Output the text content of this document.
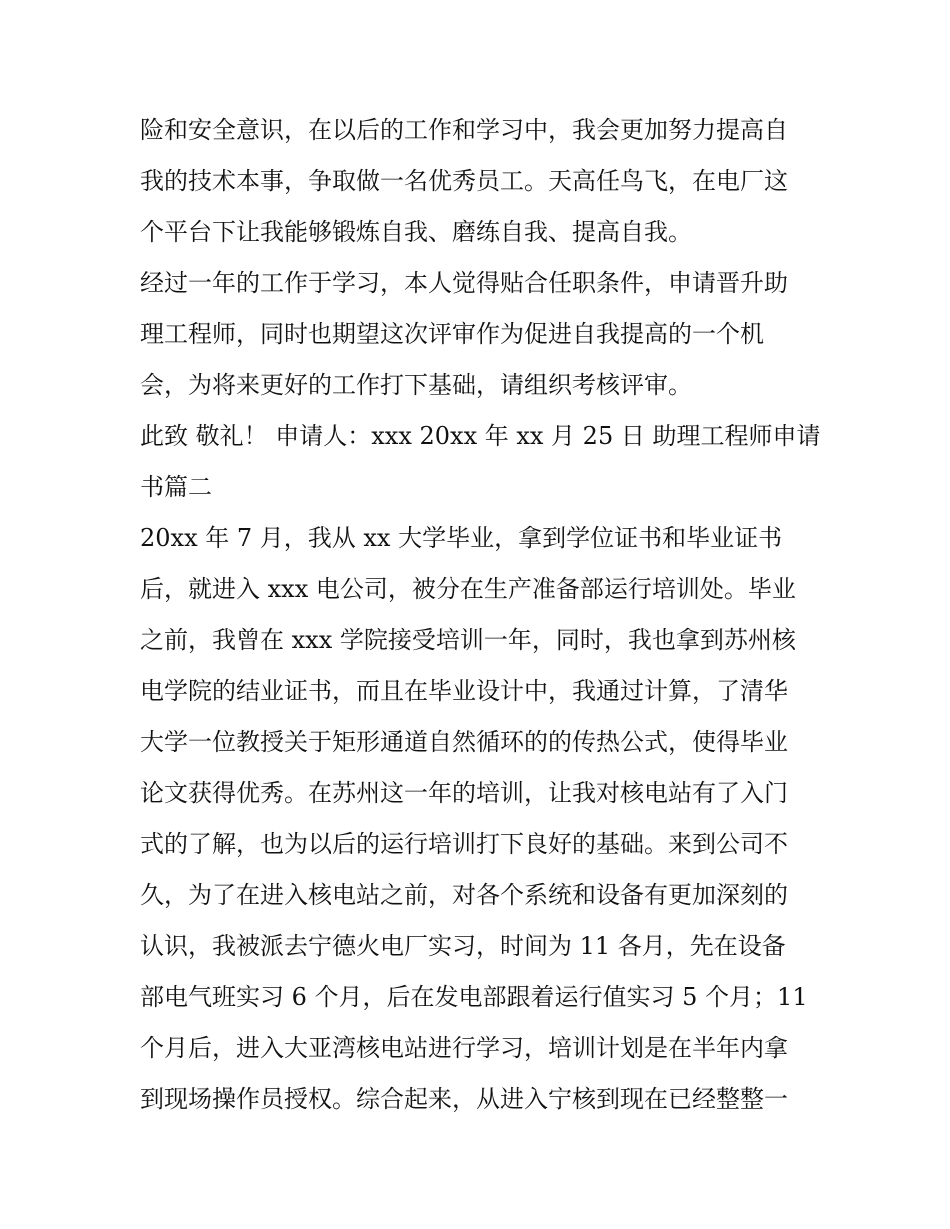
险和安全意识，在以后的工作和学习中，我会更加努力提高自

我的技术本事，争取做一名优秀员工。天高任鸟飞，在电厂这

个平台下让我能够锻炼自我、磨练自我、提高自我。

经过一年的工作于学习，本人觉得贴合任职条件，申请晋升助

理工程师，同时也期望这次评审作为促进自我提高的一个机

会，为将来更好的工作打下基础，请组织考核评审。

此致 敬礼！ 申请人：xxx 20xx 年 xx 月 25 日 助理工程师申请

书篇二

20xx 年 7 月，我从 xx 大学毕业，拿到学位证书和毕业证书

后，就进入 xxx 电公司，被分在生产准备部运行培训处。毕业

之前，我曾在 xxx 学院接受培训一年，同时，我也拿到苏州核

电学院的结业证书，而且在毕业设计中，我通过计算，了清华

大学一位教授关于矩形通道自然循环的的传热公式，使得毕业

论文获得优秀。在苏州这一年的培训，让我对核电站有了入门

式的了解，也为以后的运行培训打下良好的基础。来到公司不

久，为了在进入核电站之前，对各个系统和设备有更加深刻的

认识，我被派去宁德火电厂实习，时间为 11 各月，先在设备

部电气班实习 6 个月，后在发电部跟着运行值实习 5 个月；11

个月后，进入大亚湾核电站进行学习，培训计划是在半年内拿

到现场操作员授权。综合起来，从进入宁核到现在已经整整一
